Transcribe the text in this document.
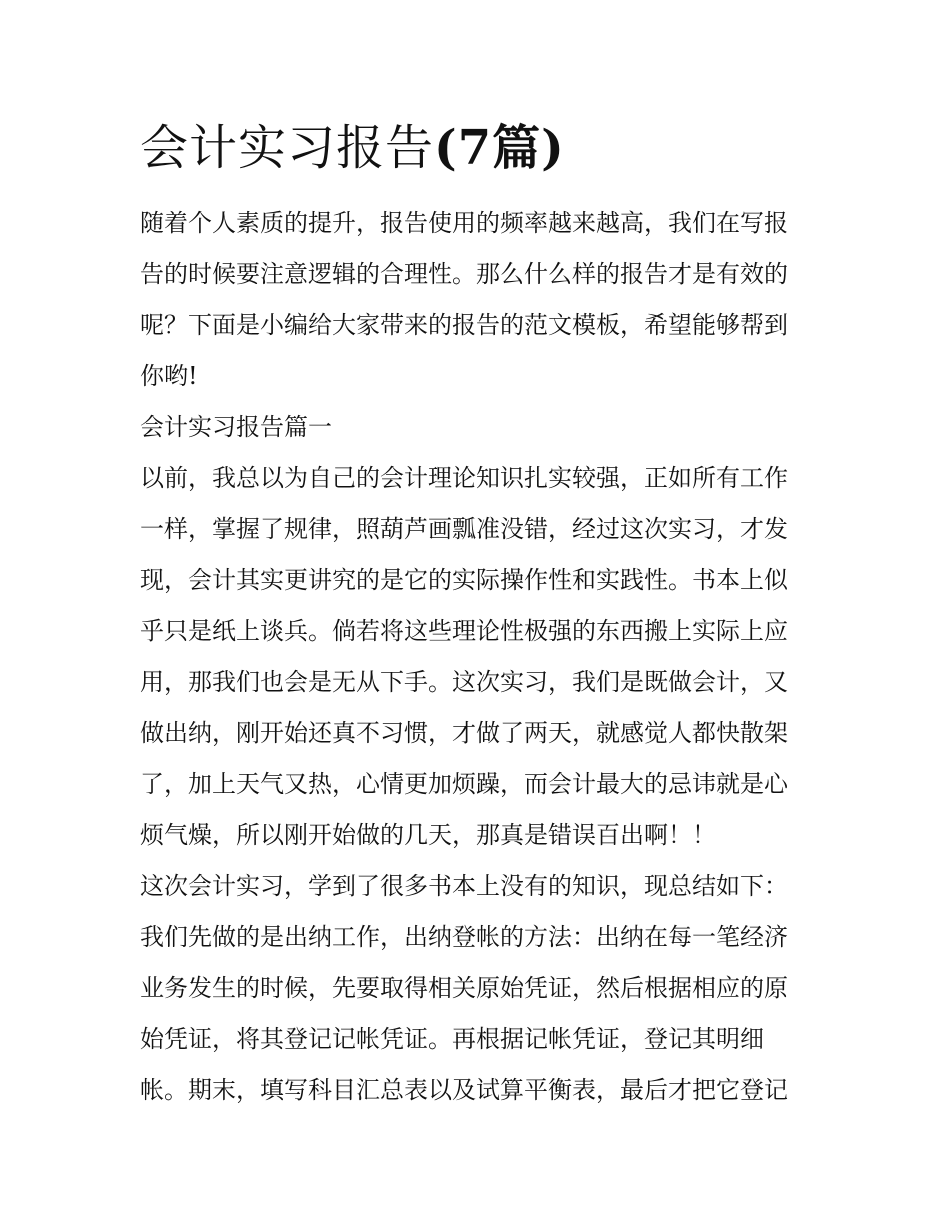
会计实习报告(7篇)

随着个人素质的提升，报告使用的频率越来越高，我们在写报

告的时候要注意逻辑的合理性。那么什么样的报告才是有效的

呢？下面是小编给大家带来的报告的范文模板，希望能够帮到

你哟!

会计实习报告篇一

以前，我总以为自己的会计理论知识扎实较强，正如所有工作

一样，掌握了规律，照葫芦画瓢准没错，经过这次实习，才发

现，会计其实更讲究的是它的实际操作性和实践性。书本上似

乎只是纸上谈兵。倘若将这些理论性极强的东西搬上实际上应

用，那我们也会是无从下手。这次实习，我们是既做会计，又

做出纳，刚开始还真不习惯，才做了两天，就感觉人都快散架

了，加上天气又热，心情更加烦躁，而会计最大的忌讳就是心

烦气燥，所以刚开始做的几天，那真是错误百出啊！！

这次会计实习，学到了很多书本上没有的知识，现总结如下：

我们先做的是出纳工作，出纳登帐的方法：出纳在每一笔经济

业务发生的时候，先要取得相关原始凭证，然后根据相应的原

始凭证，将其登记记帐凭证。再根据记帐凭证，登记其明细

帐。期末，填写科目汇总表以及试算平衡表，最后才把它登记
